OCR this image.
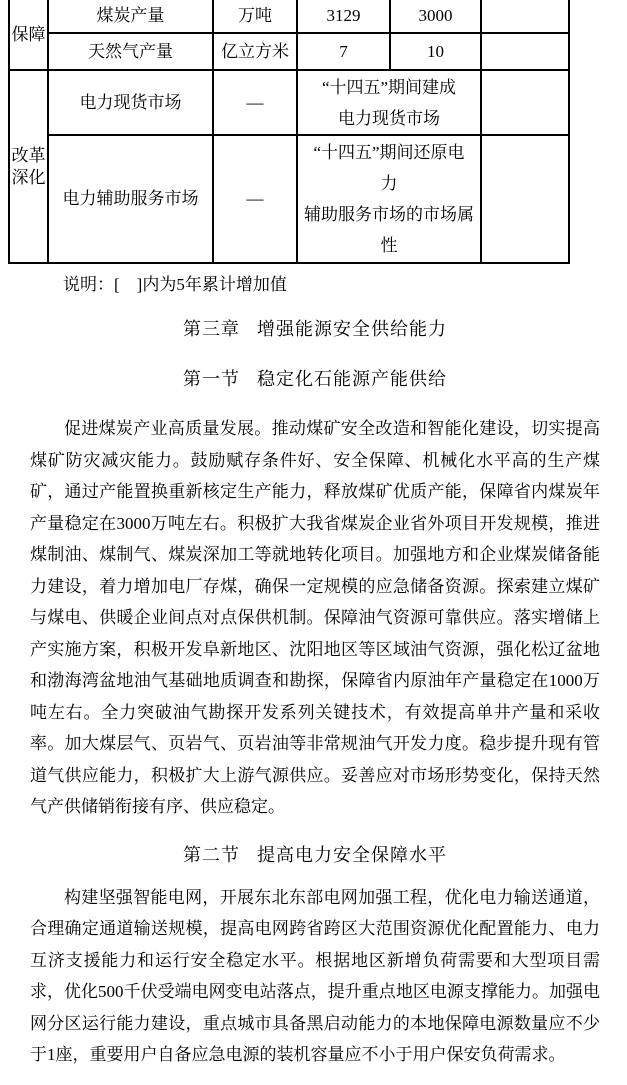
保障	煤炭产量	万吨	3129	3000	
	天然气产量	亿立方米	7	10	
改革深化	电力现货市场	—	“十四五”期间建成
电力现货市场		

	电力辅助服务市场	—	“十四五”期间还原电
力
辅助服务市场的市场属
性		

说明：[　]内为5年累计增加值
第三章 增强能源安全供给能力
第一节 稳定化石能源产能供给

促进煤炭产业高质量发展。推动煤矿安全改造和智能化建设，切实提高煤矿防灾减灾能力。鼓励赋存条件好、安全保障、机械化水平高的生产煤矿，通过产能置换重新核定生产能力，释放煤矿优质产能，保障省内煤炭年产量稳定在3000万吨左右。积极扩大我省煤炭企业省外项目开发规模，推进煤制油、煤制气、煤炭深加工等就地转化项目。加强地方和企业煤炭储备能力建设，着力增加电厂存煤，确保一定规模的应急储备资源。探索建立煤矿与煤电、供暖企业间点对点保供机制。保障油气资源可靠供应。落实增储上产实施方案，积极开发阜新地区、沈阳地区等区域油气资源，强化松辽盆地和渤海湾盆地油气基础地质调查和勘探，保障省内原油年产量稳定在1000万吨左右。全力突破油气勘探开发系列关键技术，有效提高单井产量和采收率。加大煤层气、页岩气、页岩油等非常规油气开发力度。稳步提升现有管道气供应能力，积极扩大上游气源供应。妥善应对市场形势变化，保持天然气产供储销衔接有序、供应稳定。

第二节 提高电力安全保障水平

构建坚强智能电网，开展东北东部电网加强工程，优化电力输送通道，合理确定通道输送规模，提高电网跨省跨区大范围资源优化配置能力、电力互济支援能力和运行安全稳定水平。根据地区新增负荷需要和大型项目需求，优化500千伏受端电网变电站落点，提升重点地区电源支撑能力。加强电网分区运行能力建设，重点城市具备黑启动能力的本地保障电源数量应不少于1座，重要用户自备应急电源的装机容量应不小于用户保安负荷需求。
